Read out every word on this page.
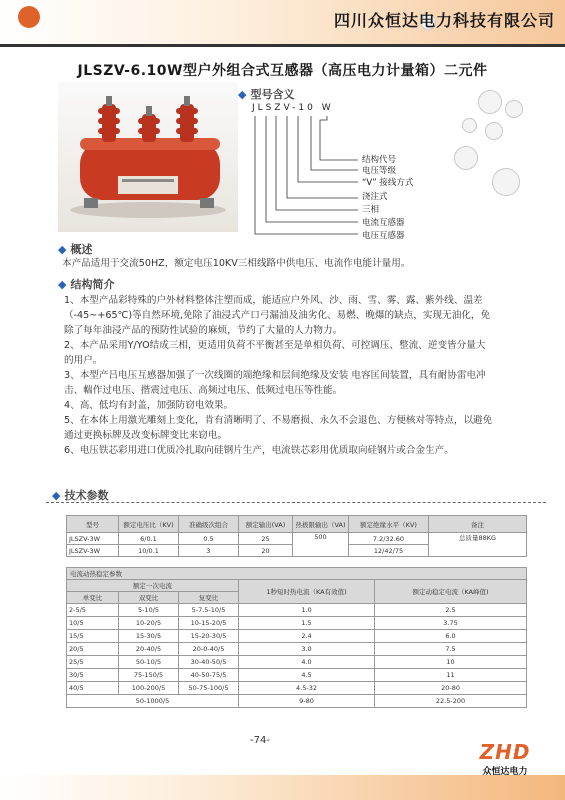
四川众恒达电力科技有限公司
JLSZV-6.10W型户外组合式互感器（高压电力计量箱）二元件
◆ 型号含义
JLSZV-10 W
结构代号
电压等级
“V” 接线方式
浇注式
三相
电流互感器
电压互感器
◆ 概述
本产品适用于交流50HZ，额定电压10KV三相线路中供电压、电流作电能计量用。
◆ 结构简介
1、本型产品彩特殊的户外材料整体注塑而成，能适应户外风、沙、雨、雪、雾、露、紫外线、温差
（-45~+65℃)等自然环境,免除了油浸式产口弓漏油及油劣化、易燃、晚爆的缺点，实现无油化，免
除了每年油浸产品的预防性试验的麻烦，节约了大量的人力物力。
2、本产品采用Y/YO结成三相，更适用负荷不平衡甚至是单相负荷、可控调压、整流、逆变皆分量大
的用户。
3、本型产吕电压互感器加强了一次线圈的端绝缘和层间绝缘及安装 电容匡间装置，具有耐协雷电冲
击、輲作过电压、揩震过电压、高频过电压、低频过电压等性能。
4、高、低均有封盖，加强防窃电效果。
5、在本体上用激光雕刻上变化，肯有清晰明了、不易磨损、永久不会退色、方便核对等特点，以避免
通过更换标牌及改变标牌变比来窃电。
6、电压铁芯彩用进口优质冷扎取向硅钢片生产，电流铁芯彩用优质取向硅钢片或合金生产。
◆ 技术参数
型号	额定电压比（KV)	准确级次组合	额定输出(VA)	热极限输出（VA)	额定绝缘水平（KV)	备注
JLSZV-3W	6/0.1	0.5	25	500	7.2/32.60	总质量88KG
JLSZV-3W	10/0.1	3	20		12/42/75	
电流动热稳定参数				
额定一次电流			1秒短时热电流（KA有效值)	额定动稳定电流（KA峰值)
单变比	双变比	复变比		
2-5/5	5-10/5	5-7.5-10/5	1.0	2.5
10/5	10-20/5	10-15-20/5	1.5	3.75
15/5	15-30/5	15-20-30/5	2.4	6.0
20/5	20-40/5	20-0-40/5	3.0	7.5
25/5	50-10/5	30-40-50/5	4.0	10
30/5	75-150/5	40-50-75/5	4.5	11
40/5	100-200/5	50-75-100/5	4.5-32	20-80
50-1000/5			9-80	22.5-200
-74-	ZHD
众恒达电力
